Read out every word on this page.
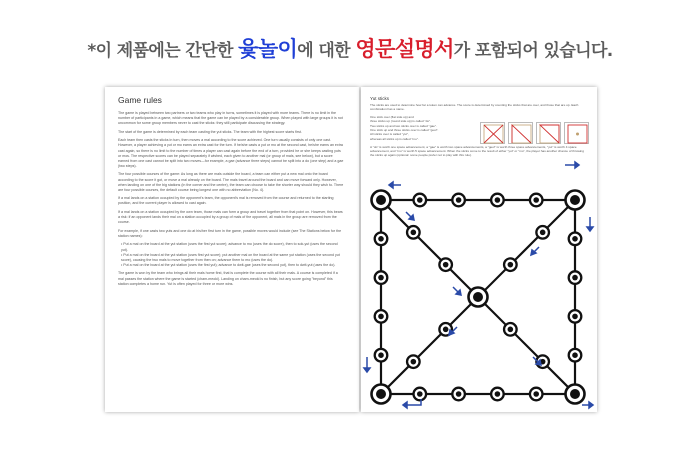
*이 제품에는 간단한 윷놀이에 대한 영문설명서가 포함되어 있습니다.
Game rules

The game is played between two partners or two teams who play in turns, sometimes it is played with more teams. There is no limit in the number of participants in a game, which means that the game can be played by a considerable group. When played with large groups it is not uncommon for some group members never to cast the sticks: they still participate discussing the strategy.

The start of the game is determined by each team casting the yut sticks. The team with the highest score starts first.

Each team then casts the sticks in turn, then moves a mal according to the score achieved. One turn usually consists of only one cast. However, a player achieving a yut or mo earns an extra cast for the turn. If he/she casts a yut or mo at the second cast, he/she earns an extra cast again, so there is no limit to the number of times a player can cast again before the end of a turn, provided he or she keeps casting yuts or mos. The respective scores can be played separately if wished, each given to another mal (or group of mals, see below), but a score earned from one cast cannot be split into two moves—for example, a gae (advance three steps) cannot be split into a do (one step) and a gae (two steps).

The four possible courses of the game: As long as there are mals outside the board, a team can either put a new mal onto the board according to the score it got, or move a mal already on the board. The mals travel around the board and can move forward only. However, when landing on one of the big stations (in the corner and the centre), the team can choose to take the shorter way should they wish to. There are four possible courses, the default course being longest one with no abbreviation (No. 4).

If a mal lands on a station occupied by the opponent's team, the opponent's mal is removed from the course and returned to the starting position, and the current player is allowed to cast again.

If a mal lands on a station occupied by the own team, those mals can form a group and travel together from that point on. However, this bears a risk: if an opponent lands their mal on a station occupied by a group of mals of the opponent, all mals in the group are removed from the course.

For example, if one casts two yuts and one do at his/her first turn in the game, possible moves would include (see The Stations below for the station names):

• Put a mal on the board at the yut station (uses the first yut score); advance to mo (uses the do score), then to sok-yut (uses the second yut).
• Put a mal on the board at the yut station (uses first yut score); put another mal on the board at the same yut station (uses the second yut score), causing the two mals to move together from then on; advance them to mo (uses the do).
• Put a mal on the board at the yut station (uses the first yut); advance to dwit-gae (uses the second yut), then to dwit-yut (uses the do).

The game is won by the team who brings all their mals home first, that is complete the course with all their mals. A course is completed if a mal passes the station where the game is started (cham-meoki). Landing on cham-meoki is no finish, but any score going "beyond" this station completes a home run. Yut is often played for three or more wins.

Yut sticks

The sticks are used to determine how far a token can advance. The score is determined by counting the sticks that are over, and those that are up. Each combination has a name.

One stick over (flat side up) and
three sticks up (round side up) is called "do".
Two sticks up and two sticks over is called "gae".
One stick up and three sticks over is called "geol".
All sticks over is called "yut",
whereas all sticks up is called "mo".

A "do" is worth one space advancement, a "gae" is worth two space advancements, a "geol" is worth three space advancements, "yut" is worth 4 space advancement, and "mo" is worth 5 space advancement. When the sticks come to the result of either "yut" or "mo", the player has another chance of throwing the sticks up again (optional: some people prefer not to play with this rule).
